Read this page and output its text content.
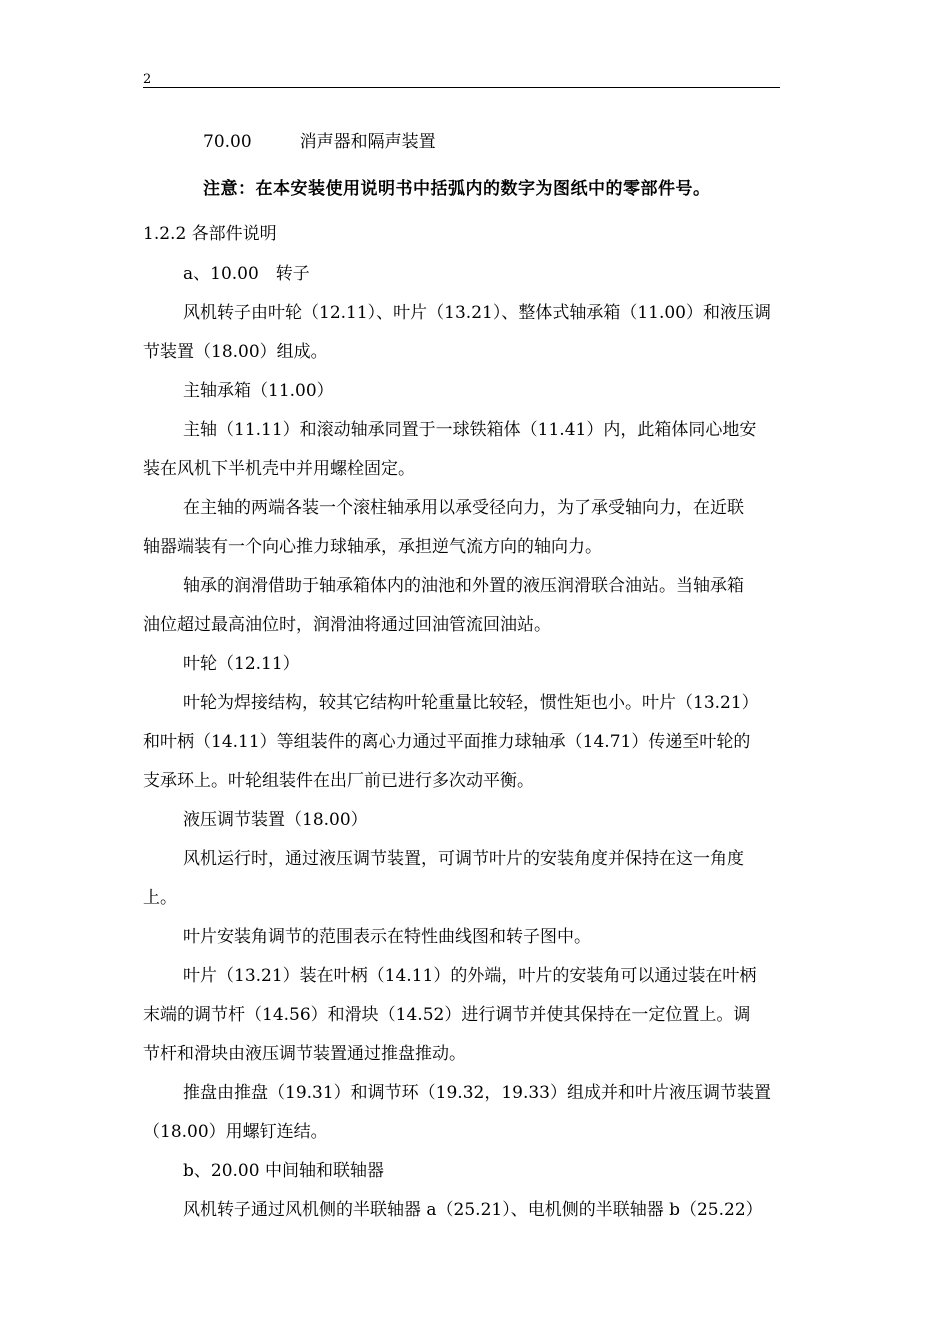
2
70.00	消声器和隔声装置
注意：在本安装使用说明书中括弧内的数字为图纸中的零部件号。
1.2.2 各部件说明
a、10.00　转子
风机转子由叶轮（12.11）、叶片（13.21）、整体式轴承箱（11.00）和液压调
节装置（18.00）组成。
主轴承箱（11.00）
主轴（11.11）和滚动轴承同置于一球铁箱体（11.41）内，此箱体同心地安
装在风机下半机壳中并用螺栓固定。
在主轴的两端各装一个滚柱轴承用以承受径向力，为了承受轴向力，在近联
轴器端装有一个向心推力球轴承，承担逆气流方向的轴向力。
轴承的润滑借助于轴承箱体内的油池和外置的液压润滑联合油站。当轴承箱
油位超过最高油位时，润滑油将通过回油管流回油站。
叶轮（12.11）
叶轮为焊接结构，较其它结构叶轮重量比较轻，惯性矩也小。叶片（13.21）
和叶柄（14.11）等组装件的离心力通过平面推力球轴承（14.71）传递至叶轮的
支承环上。叶轮组装件在出厂前已进行多次动平衡。
液压调节装置（18.00）
风机运行时，通过液压调节装置，可调节叶片的安装角度并保持在这一角度
上。
叶片安装角调节的范围表示在特性曲线图和转子图中。
叶片（13.21）装在叶柄（14.11）的外端，叶片的安装角可以通过装在叶柄
末端的调节杆（14.56）和滑块（14.52）进行调节并使其保持在一定位置上。调
节杆和滑块由液压调节装置通过推盘推动。
推盘由推盘（19.31）和调节环（19.32，19.33）组成并和叶片液压调节装置
（18.00）用螺钉连结。
b、20.00 中间轴和联轴器
风机转子通过风机侧的半联轴器 a（25.21）、电机侧的半联轴器 b（25.22）
